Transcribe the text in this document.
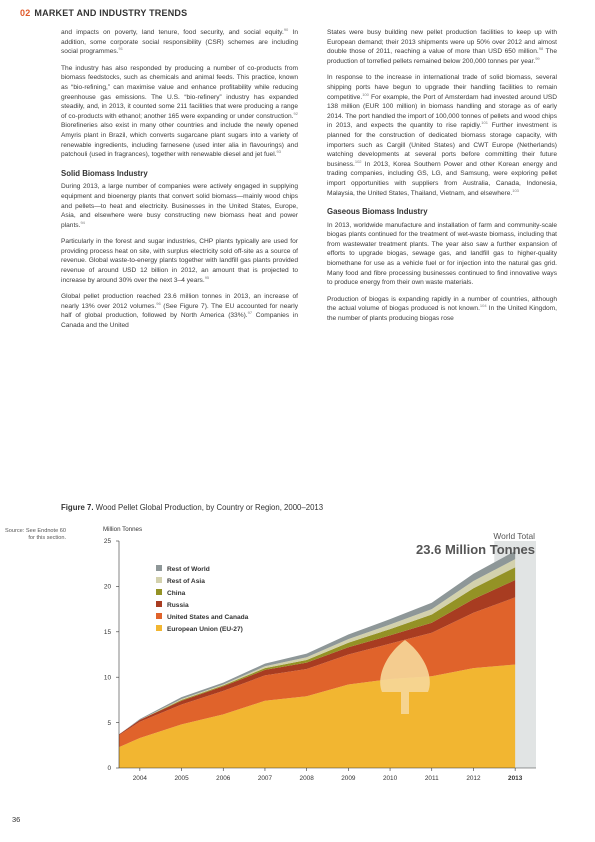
02 MARKET AND INDUSTRY TRENDS

and impacts on poverty, land tenure, food security, and social equity.$^{90}$ In addition, some corporate social responsibility (CSR) schemes are including social programmes.$^{91}$

The industry has also responded by producing a number of co-products from biomass feedstocks, such as chemicals and animal feeds. This practice, known as “bio-refining,” can maximise value and enhance profitability while reducing greenhouse gas emissions. The U.S. “bio-refinery” industry has expanded steadily, and, in 2013, it counted some 211 facilities that were producing a range of co-products with ethanol; another 165 were expanding or under construction.$^{92}$ Biorefineries also exist in many other countries and include the newly opened Amyris plant in Brazil, which converts sugarcane plant sugars into a variety of renewable ingredients, including farnesene (used inter alia in flavourings) and patchouli (used in fragrances), together with renewable diesel and jet fuel.$^{93}$

Solid Biomass Industry

During 2013, a large number of companies were actively engaged in supplying equipment and bioenergy plants that convert solid biomass—mainly wood chips and pellets—to heat and electricity. Businesses in the United States, Europe, Asia, and elsewhere were busy constructing new biomass heat and power plants.$^{94}$

Particularly in the forest and sugar industries, CHP plants typically are used for providing process heat on site, with surplus electricity sold off-site as a source of revenue. Global waste-to-energy plants together with landfill gas plants provided revenue of around USD 12 billion in 2012, an amount that is projected to increase by around 30% over the next 3–4 years.$^{95}$

Global pellet production reached 23.6 million tonnes in 2013, an increase of nearly 13% over 2012 volumes.$^{96}$ (See Figure 7). The EU accounted for nearly half of global production, followed by North America (33%).$^{97}$ Companies in Canada and the United

States were busy building new pellet production facilities to keep up with European demand; their 2013 shipments were up 50% over 2012 and almost double those of 2011, reaching a value of more than USD 650 million.$^{98}$ The production of torrefied pellets remained below 200,000 tonnes per year.$^{99}$

In response to the increase in international trade of solid biomass, several shipping ports have begun to upgrade their handling facilities to remain competitive.$^{100}$ For example, the Port of Amsterdam had invested around USD 138 million (EUR 100 million) in biomass handling and storage as of early 2014. The port handled the import of 100,000 tonnes of pellets and wood chips in 2013, and expects the quantity to rise rapidly.$^{101}$ Further investment is planned for the construction of dedicated biomass storage capacity, with importers such as Cargill (United States) and CWT Europe (Netherlands) watching developments at several ports before committing their future business.$^{102}$ In 2013, Korea Southern Power and other Korean energy and trading companies, including GS, LG, and Samsung, were exploring pellet import opportunities with suppliers from Australia, Canada, Indonesia, Malaysia, the United States, Thailand, Vietnam, and elsewhere.$^{103}$

Gaseous Biomass Industry

In 2013, worldwide manufacture and installation of farm and community-scale biogas plants continued for the treatment of wet-waste biomass, including that from wastewater treatment plants. The year also saw a further expansion of efforts to upgrade biogas, sewage gas, and landfill gas to higher-quality biomethane for use as a vehicle fuel or for injection into the natural gas grid. Many food and fibre processing businesses continued to find innovative ways to produce energy from their own waste materials.

Production of biogas is expanding rapidly in a number of countries, although the actual volume of biogas produced is not known.$^{104}$ In the United Kingdom, the number of plants producing biogas rose

Figure 7. Wood Pellet Global Production, by Country or Region, 2000–2013
Source: See Endnote 60 for this section.
0
5
10
15
20
25
2004	2005	2006	2007	2008	2009	2010	2011	2012	2013
Rest of World
Rest of Asia
China
Russia
United States and Canada
European Union (EU-27)
Million Tonnes
World Total
23.6 Million Tonnes
36
